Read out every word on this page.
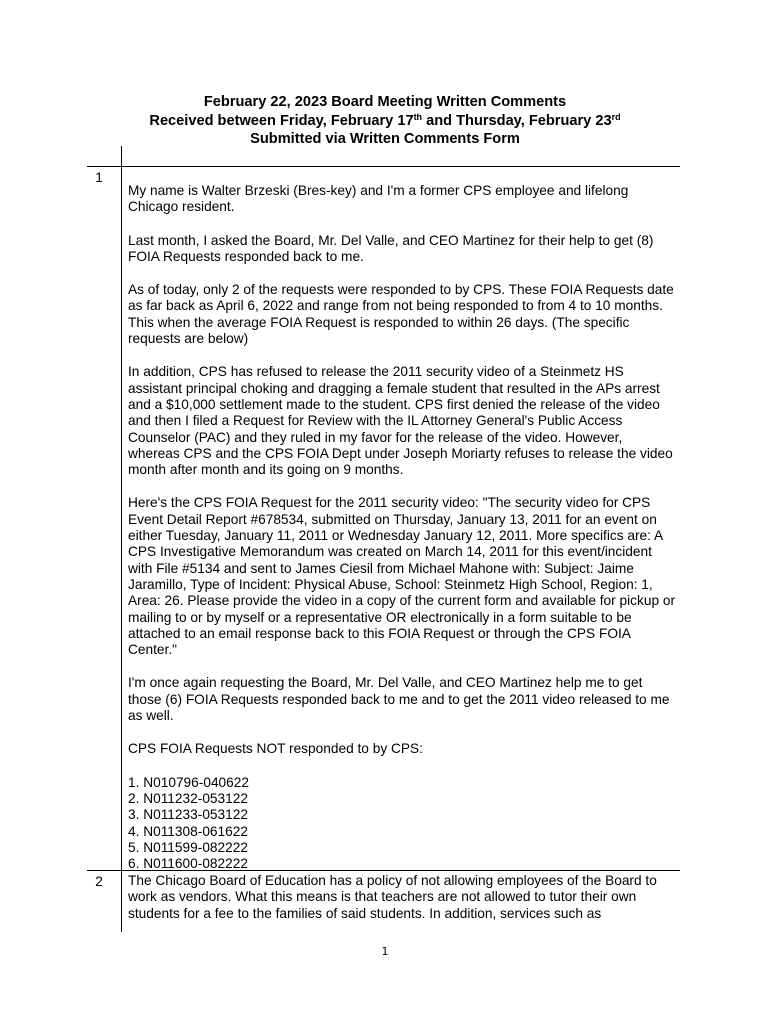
February 22, 2023 Board Meeting Written Comments
Received between Friday, February 17th and Thursday, February 23rd
Submitted via Written Comments Form
1

My name is Walter Brzeski (Bres-key) and I'm a former CPS employee and lifelong Chicago resident.

Last month, I asked the Board, Mr. Del Valle, and CEO Martinez for their help to get (8) FOIA Requests responded back to me.

As of today, only 2 of the requests were responded to by CPS. These FOIA Requests date as far back as April 6, 2022 and range from not being responded to from 4 to 10 months. This when the average FOIA Request is responded to within 26 days. (The specific requests are below)

In addition, CPS has refused to release the 2011 security video of a Steinmetz HS assistant principal choking and dragging a female student that resulted in the APs arrest and a $10,000 settlement made to the student. CPS first denied the release of the video and then I filed a Request for Review with the IL Attorney General's Public Access Counselor (PAC) and they ruled in my favor for the release of the video. However, whereas CPS and the CPS FOIA Dept under Joseph Moriarty refuses to release the video month after month and its going on 9 months.

Here's the CPS FOIA Request for the 2011 security video: "The security video for CPS Event Detail Report #678534, submitted on Thursday, January 13, 2011 for an event on either Tuesday, January 11, 2011 or Wednesday January 12, 2011. More specifics are: A CPS Investigative Memorandum was created on March 14, 2011 for this event/incident with File #5134 and sent to James Ciesil from Michael Mahone with: Subject: Jaime Jaramillo, Type of Incident: Physical Abuse, School: Steinmetz High School, Region: 1, Area: 26. Please provide the video in a copy of the current form and available for pickup or mailing to or by myself or a representative OR electronically in a form suitable to be attached to an email response back to this FOIA Request or through the CPS FOIA Center."

I'm once again requesting the Board, Mr. Del Valle, and CEO Martinez help me to get those (6) FOIA Requests responded back to me and to get the 2011 video released to me as well.

CPS FOIA Requests NOT responded to by CPS:

1. N010796-040622
2. N011232-053122
3. N011233-053122
4. N011308-061622
5. N011599-082222
6. N011600-082222
2 The Chicago Board of Education has a policy of not allowing employees of the Board to work as vendors. What this means is that teachers are not allowed to tutor their own students for a fee to the families of said students. In addition, services such as

1
